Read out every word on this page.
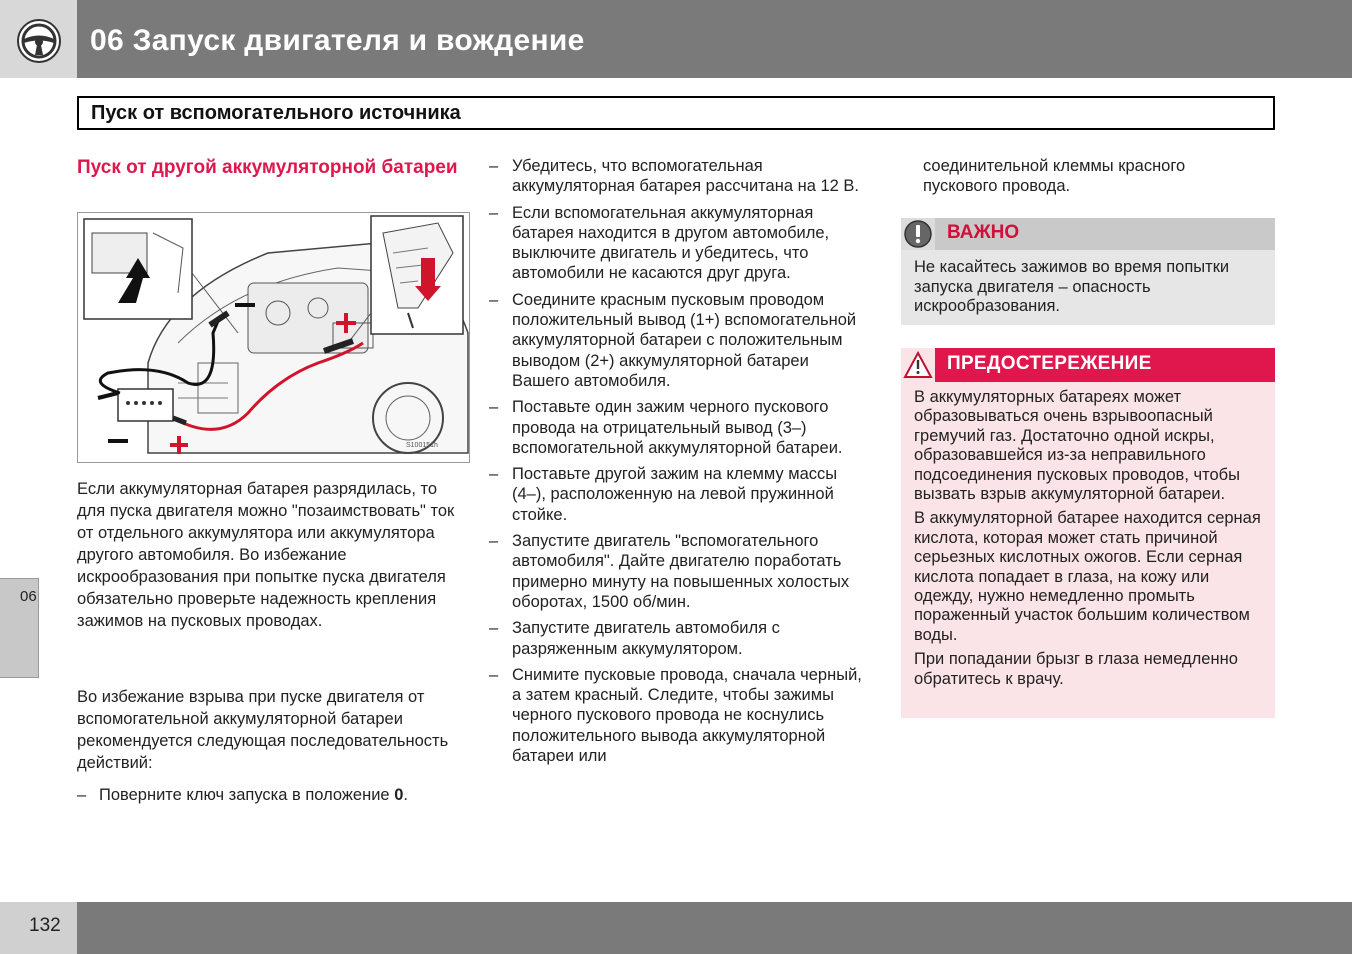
06 Запуск двигателя и вождение
Пуск от вспомогательного источника
06
Пуск от другой аккумуляторной батареи
S100151h
Если аккумуляторная батарея разрядилась, то для пуска двигателя можно "позаимствовать" ток от отдельного аккумулятора или аккумулятора другого автомобиля. Во избежание искрообразования при попытке пуска двигателя обязательно проверьте надежность крепления зажимов на пусковых проводах.
Во избежание взрыва при пуске двигателя от вспомогательной аккумуляторной батареи рекомендуется следующая последовательность действий:
– Поверните ключ запуска в положение 0.
– Убедитесь, что вспомогательная аккумуляторная батарея рассчитана на 12 В.
– Если вспомогательная аккумуляторная батарея находится в другом автомобиле, выключите двигатель и убедитесь, что автомобили не касаются друг друга.
– Соедините красным пусковым проводом положительный вывод (1+) вспомогательной аккумуляторной батареи с положительным выводом (2+) аккумуляторной батареи Вашего автомобиля.
– Поставьте один зажим черного пускового провода на отрицательный вывод (3–) вспомогательной аккумуляторной батареи.
– Поставьте другой зажим на клемму массы (4–), расположенную на левой пружинной стойке.
– Запустите двигатель "вспомогательного автомобиля". Дайте двигателю поработать примерно минуту на повышенных холостых оборотах, 1500 об/мин.
– Запустите двигатель автомобиля с разряженным аккумулятором.
– Снимите пусковые провода, сначала черный, а затем красный. Следите, чтобы зажимы черного пускового провода не коснулись положительного вывода аккумуляторной батареи или
соединительной клеммы красного пускового провода.
ВАЖНО
Не касайтесь зажимов во время попытки запуска двигателя – опасность искрообразования.
ПРЕДОСТЕРЕЖЕНИЕ

В аккумуляторных батареях может образовываться очень взрывоопасный гремучий газ. Достаточно одной искры, образовавшейся из-за неправильного подсоединения пусковых проводов, чтобы вызвать взрыв аккумуляторной батареи.

В аккумуляторной батарее находится серная кислота, которая может стать причиной серьезных кислотных ожогов. Если серная кислота попадает в глаза, на кожу или одежду, нужно немедленно промыть пораженный участок большим количеством воды.

При попадании брызг в глаза немедленно обратитесь к врачу.

132
